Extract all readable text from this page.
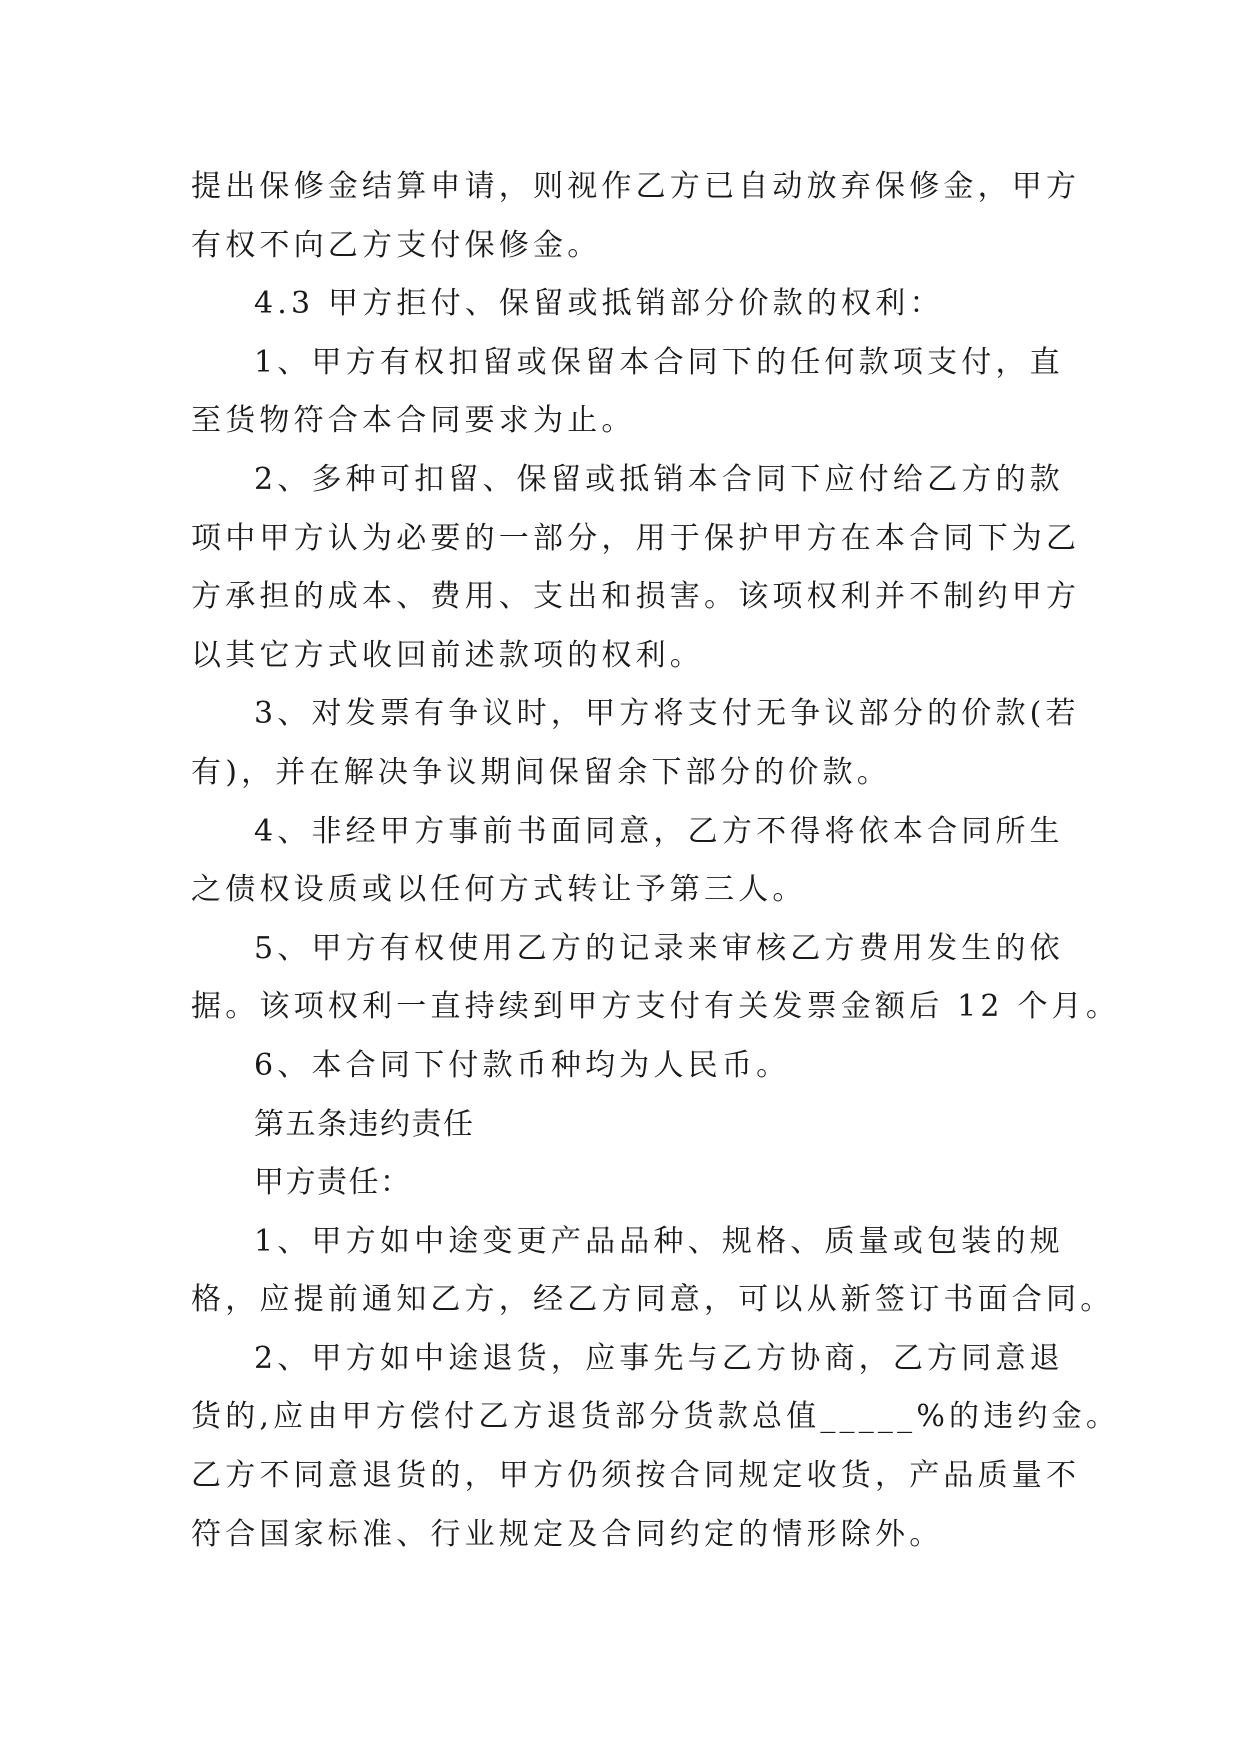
提出保修金结算申请，则视作乙方已自动放弃保修金，甲方
有权不向乙方支付保修金。
4.3 甲方拒付、保留或抵销部分价款的权利：
1、甲方有权扣留或保留本合同下的任何款项支付，直
至货物符合本合同要求为止。
2、多种可扣留、保留或抵销本合同下应付给乙方的款
项中甲方认为必要的一部分，用于保护甲方在本合同下为乙
方承担的成本、费用、支出和损害。该项权利并不制约甲方
以其它方式收回前述款项的权利。
3、对发票有争议时，甲方将支付无争议部分的价款(若
有)，并在解决争议期间保留余下部分的价款。
4、非经甲方事前书面同意，乙方不得将依本合同所生
之债权设质或以任何方式转让予第三人。
5、甲方有权使用乙方的记录来审核乙方费用发生的依
据。该项权利一直持续到甲方支付有关发票金额后 12 个月。
6、本合同下付款币种均为人民币。
第五条违约责任
甲方责任：
1、甲方如中途变更产品品种、规格、质量或包装的规
格，应提前通知乙方，经乙方同意，可以从新签订书面合同。
2、甲方如中途退货，应事先与乙方协商，乙方同意退
货的,应由甲方偿付乙方退货部分货款总值_____%的违约金。
乙方不同意退货的，甲方仍须按合同规定收货，产品质量不
符合国家标准、行业规定及合同约定的情形除外。
